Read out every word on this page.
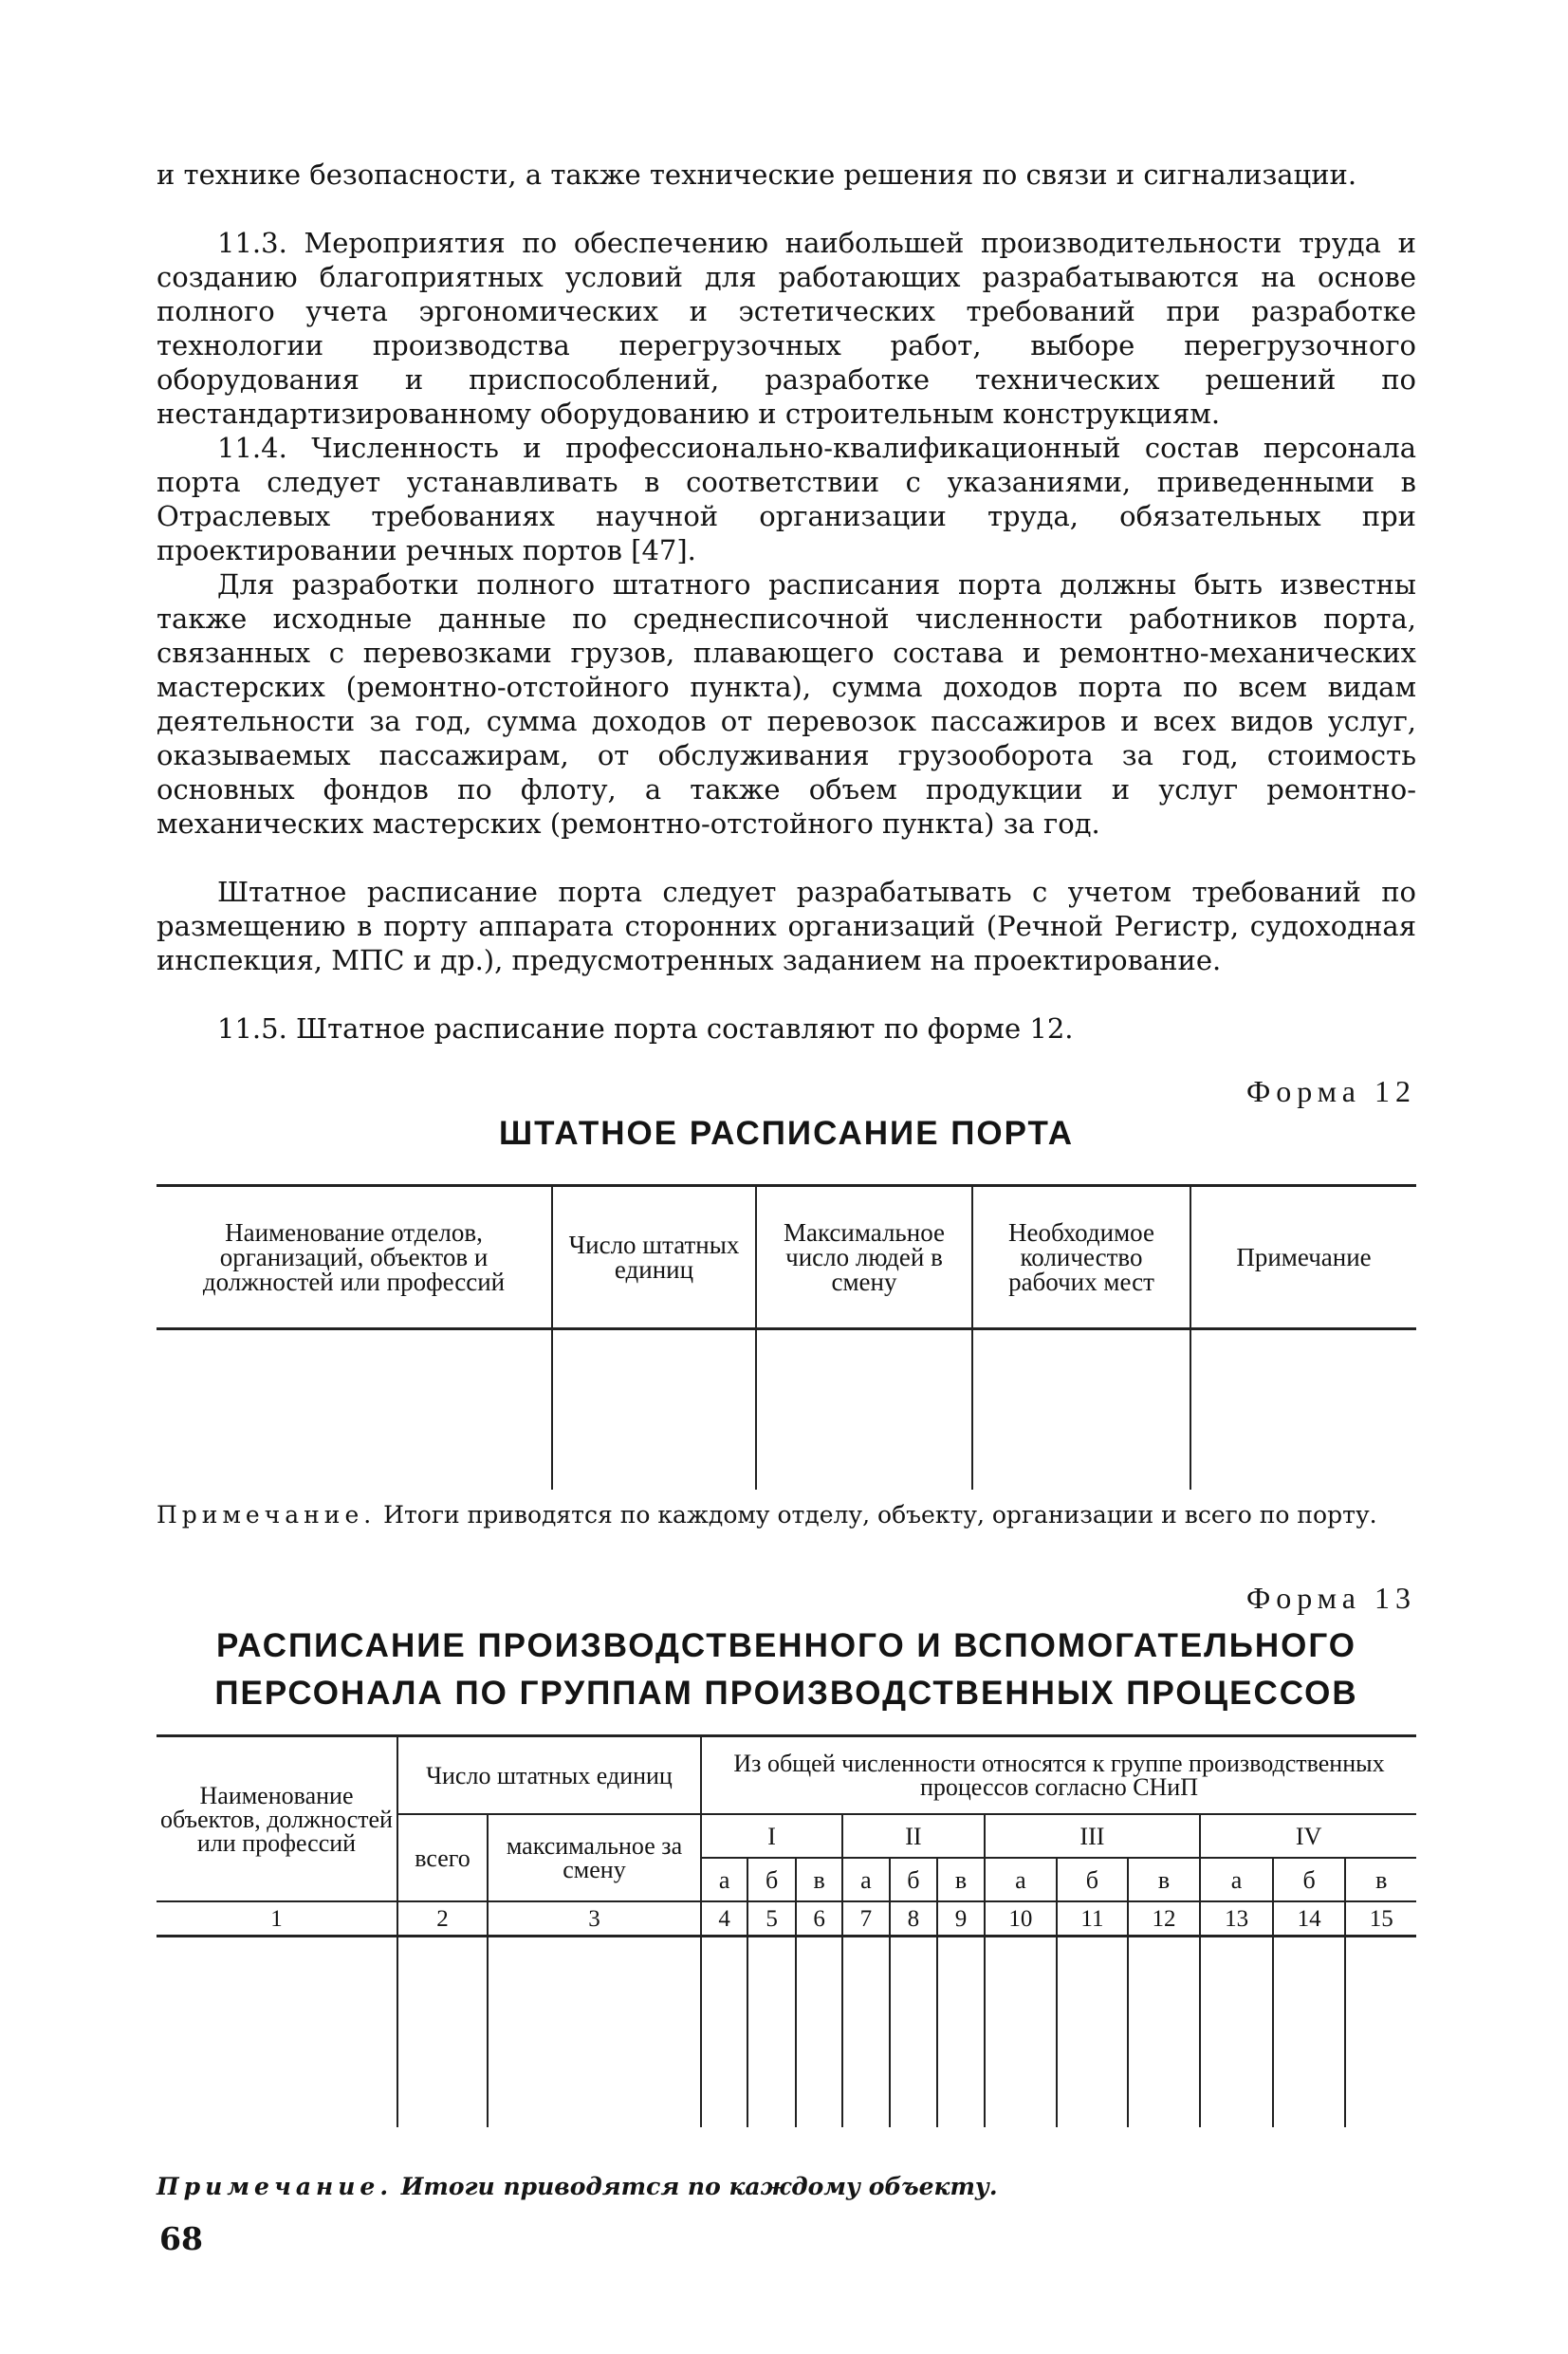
и технике безопасности, а также технические решения по связи и сигнализации.

11.3. Мероприятия по обеспечению наибольшей производительности труда и созданию благоприятных условий для работающих разрабатываются на основе полного учета эргономических и эстетических требований при разработке технологии производства перегрузочных работ, выборе перегрузочного оборудования и приспособлений, разработке технических решений по нестандартизированному оборудованию и строительным конструкциям.

11.4. Численность и профессионально-квалификационный состав персонала порта следует устанавливать в соответствии с указаниями, приведенными в Отраслевых требованиях научной организации труда, обязательных при проектировании речных портов [47].

Для разработки полного штатного расписания порта должны быть известны также исходные данные по среднесписочной численности работников порта, связанных с перевозками грузов, плавающего состава и ремонтно-механических мастерских (ремонтно-отстойного пункта), сумма доходов порта по всем видам деятельности за год, сумма доходов от перевозок пассажиров и всех видов услуг, оказываемых пассажирам, от обслуживания грузооборота за год, стоимость основных фондов по флоту, а также объем продукции и услуг ремонтно-механических мастерских (ремонтно-отстойного пункта) за год.

Штатное расписание порта следует разрабатывать с учетом требований по размещению в порту аппарата сторонних организаций (Речной Регистр, судоходная инспекция, МПС и др.), предусмотренных заданием на проектирование.

11.5. Штатное расписание порта составляют по форме 12.

Форма 12
ШТАТНОЕ РАСПИСАНИЕ ПОРТА
Наименование отделов, организаций, объектов и должностей или профессий	Число штатных единиц	Максимальное число людей в смену	Необходимое количество рабочих мест	Примечание

Примечание. Итоги приводятся по каждому отделу, объекту, организации и всего по порту.

Форма 13
РАСПИСАНИЕ ПРОИЗВОДСТВЕННОГО И ВСПОМОГАТЕЛЬНОГО
ПЕРСОНАЛА ПО ГРУППАМ ПРОИЗВОДСТВЕННЫХ ПРОЦЕССОВ
Наименование объектов, должностей или профессий	Число штатных единиц		Из общей численности относятся к группе производственных процессов согласно СНиП											
	всего	максимальное за смену	I			II			III			IV		
			а	б	в	а	б	в	а	б	в	а	б	в
1	2	3	4	5	6	7	8	9	10	11	12	13	14	15

Примечание. Итоги приводятся по каждому объекту.

68
